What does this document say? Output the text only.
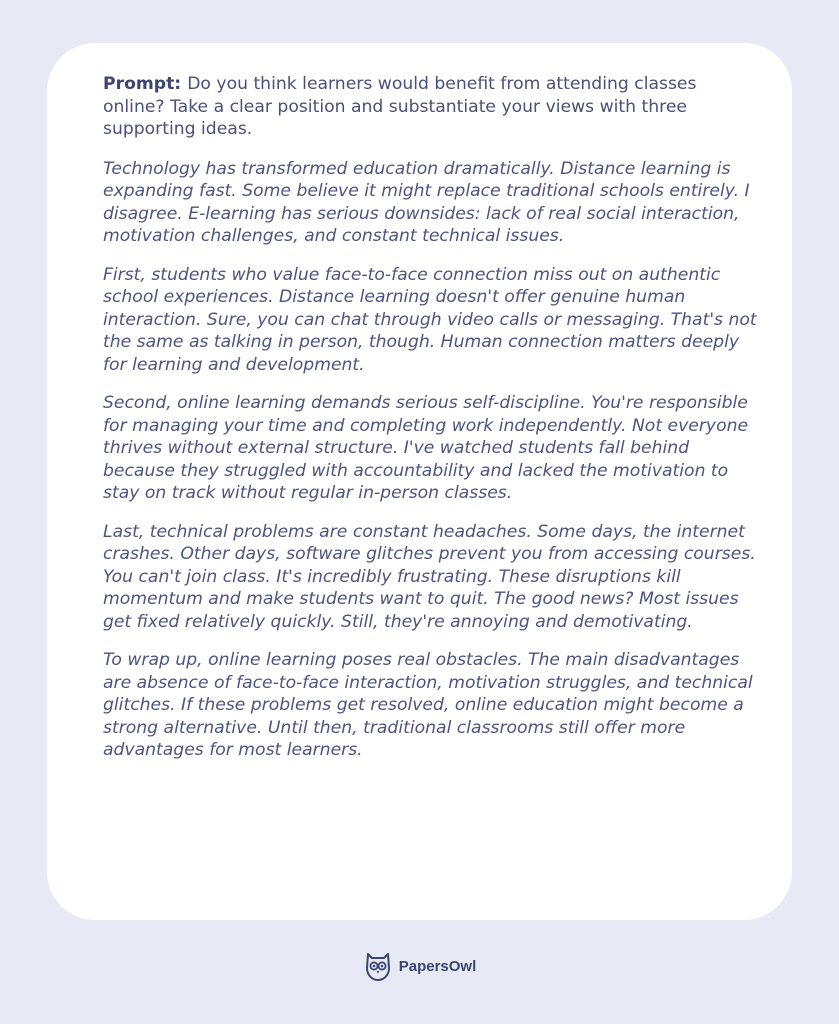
Prompt: Do you think learners would benefit from attending classes online? Take a clear position and substantiate your views with three supporting ideas.

Technology has transformed education dramatically. Distance learning is expanding fast. Some believe it might replace traditional schools entirely. I disagree. E-learning has serious downsides: lack of real social interaction, motivation challenges, and constant technical issues.

First, students who value face-to-face connection miss out on authentic school experiences. Distance learning doesn't offer genuine human interaction. Sure, you can chat through video calls or messaging. That's not the same as talking in person, though. Human connection matters deeply for learning and development.

Second, online learning demands serious self-discipline. You're responsible for managing your time and completing work independently. Not everyone thrives without external structure. I've watched students fall behind because they struggled with accountability and lacked the motivation to stay on track without regular in-person classes.

Last, technical problems are constant headaches. Some days, the internet crashes. Other days, software glitches prevent you from accessing courses. You can't join class. It's incredibly frustrating. These disruptions kill momentum and make students want to quit. The good news? Most issues get fixed relatively quickly. Still, they're annoying and demotivating.

To wrap up, online learning poses real obstacles. The main disadvantages are absence of face-to-face interaction, motivation struggles, and technical glitches. If these problems get resolved, online education might become a strong alternative. Until then, traditional classrooms still offer more advantages for most learners.

PapersOwl
